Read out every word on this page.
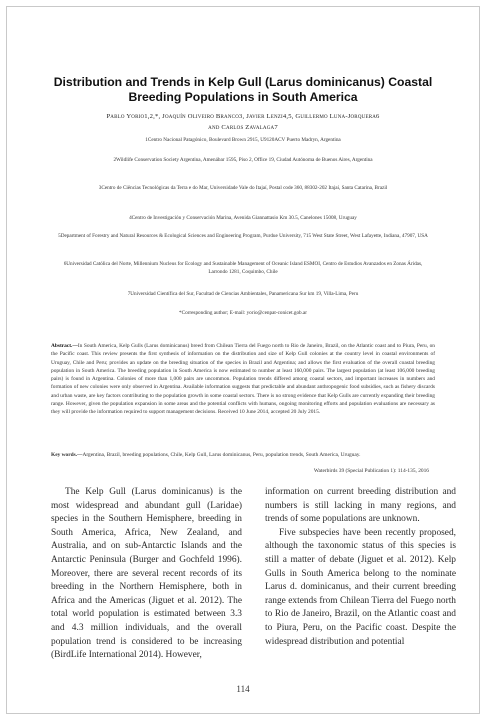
Distribution and Trends in Kelp Gull (Larus dominicanus) Coastal
Breeding Populations in South America
Pablo Yorio1,2,*, Joaquín Oliveiro Branco3, Javier Lenzi4,5, Guillermo Luna-Jorquera6
and Carlos Zavalaga7
1Centro Nacional Patagónico, Boulevard Brown 2915, U9120ACV Puerto Madryn, Argentina
2Wildlife Conservation Society Argentina, Amenábar 1595, Piso 2, Office 19, Ciudad Autónoma de Buenos Aires, Argentina
3Centro de Ciências Tecnológicas da Terra e do Mar, Universidade Vale do Itajaí, Postal code 360, 88302-202 Itajaí, Santa Catarina, Brazil
4Centro de Investigación y Conservación Marina, Avenida Giannattasio Km 30.5, Canelones 15008, Uruguay
5Department of Forestry and Natural Resources & Ecological Sciences and Engineering Program, Purdue University, 715 West State Street, West Lafayette, Indiana, 47907, USA
6Universidad Católica del Norte, Millennium Nucleus for Ecology and Sustainable Management of Oceanic Island ESMOI, Centro de Estudios Avanzados en Zonas Áridas, Larrondo 1281, Coquimbo, Chile
7Universidad Científica del Sur, Facultad de Ciencias Ambientales, Panamericana Sur km 19, Villa-Lima, Peru
*Corresponding author; E-mail: yorio@cenpat-conicet.gob.ar
Abstract.—In South America, Kelp Gulls (Larus dominicanus) breed from Chilean Tierra del Fuego north to Rio de Janeiro, Brazil, on the Atlantic coast and to Piura, Peru, on the Pacific coast. This review presents the first synthesis of information on the distribution and size of Kelp Gull colonies at the country level in coastal environments of Uruguay, Chile and Peru; provides an update on the breeding situation of the species in Brazil and Argentina; and allows the first evaluation of the overall coastal breeding population in South America. The breeding population in South America is now estimated to number at least 160,000 pairs. The largest population (at least 106,000 breeding pairs) is found in Argentina. Colonies of more than 1,000 pairs are uncommon. Population trends differed among coastal sectors, and important increases in numbers and formation of new colonies were only observed in Argentina. Available information suggests that predictable and abundant anthropogenic food subsidies, such as fishery discards and urban waste, are key factors contributing to the population growth in some coastal sectors. There is no strong evidence that Kelp Gulls are currently expanding their breeding range. However, given the population expansion in some areas and the potential conflicts with humans, ongoing monitoring efforts and population evaluations are necessary as they will provide the information required to support management decisions. Received 10 June 2014, accepted 20 July 2015.
Key words.—Argentina, Brazil, breeding populations, Chile, Kelp Gull, Larus dominicanus, Peru, population trends, South America, Uruguay.
Waterbirds 39 (Special Publication 1): 114-135, 2016

The Kelp Gull (Larus dominicanus) is the most widespread and abundant gull (Laridae) species in the Southern Hemisphere, breeding in South America, Africa, New Zealand, and Australia, and on sub-Antarctic Islands and the Antarctic Peninsula (Burger and Gochfeld 1996). Moreover, there are several recent records of its breeding in the Northern Hemisphere, both in Africa and the Americas (Jiguet et al. 2012). The total world population is estimated between 3.3 and 4.3 million individuals, and the overall population trend is considered to be increasing (BirdLife International 2014). However,

information on current breeding distribution and numbers is still lacking in many regions, and trends of some populations are unknown.

Five subspecies have been recently proposed, although the taxonomic status of this species is still a matter of debate (Jiguet et al. 2012). Kelp Gulls in South America belong to the nominate Larus d. dominicanus, and their current breeding range extends from Chilean Tierra del Fuego north to Rio de Janeiro, Brazil, on the Atlantic coast and to Piura, Peru, on the Pacific coast. Despite the widespread distribution and potential

114
